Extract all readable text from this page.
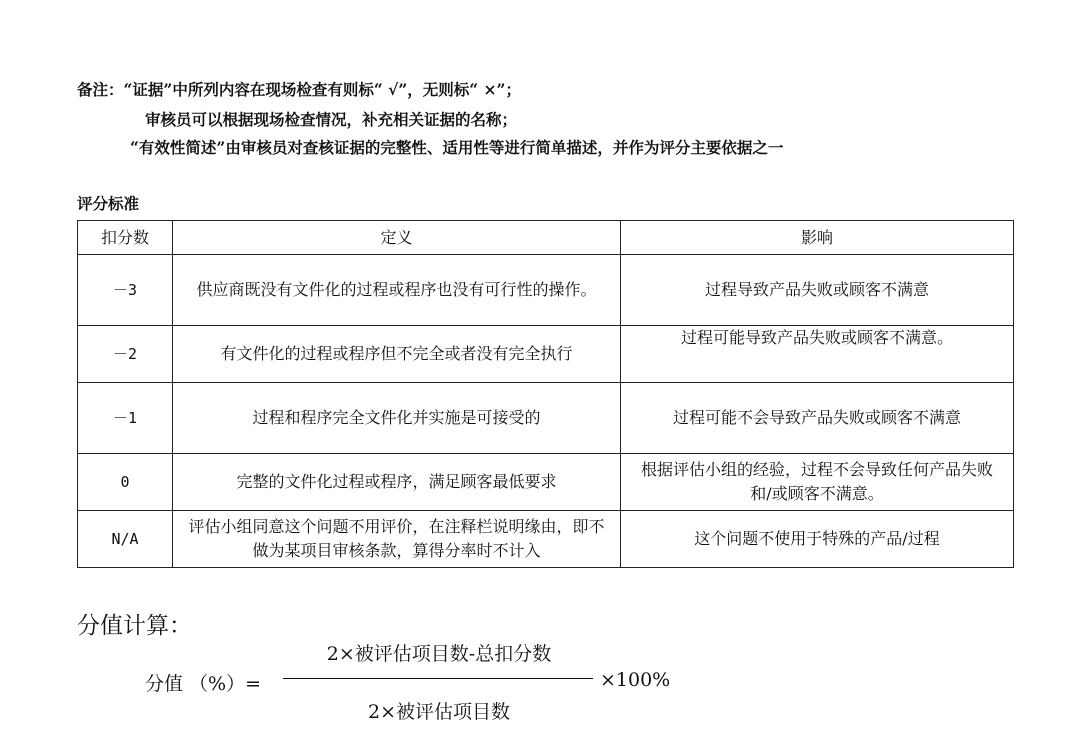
备注：“证据”中所列内容在现场检查有则标“ √”，无则标“ ×”；
审核员可以根据现场检查情况，补充相关证据的名称；
“有效性简述”由审核员对查核证据的完整性、适用性等进行简单描述，并作为评分主要依据之一
评分标准
扣分数	定义	影响
－3	供应商既没有文件化的过程或程序也没有可行性的操作。	过程导致产品失败或顾客不满意
－2	有文件化的过程或程序但不完全或者没有完全执行	过程可能导致产品失败或顾客不满意。
－1	过程和程序完全文件化并实施是可接受的	过程可能不会导致产品失败或顾客不满意
0	完整的文件化过程或程序，满足顾客最低要求	根据评估小组的经验，过程不会导致任何产品失败和/或顾客不满意。
N/A	评估小组同意这个问题不用评价，在注释栏说明缘由，即不做为某项目审核条款，算得分率时不计入	这个问题不使用于特殊的产品/过程
分值计算：
分值 （%）=
2×被评估项目数-总扣分数
2×被评估项目数
×100%
